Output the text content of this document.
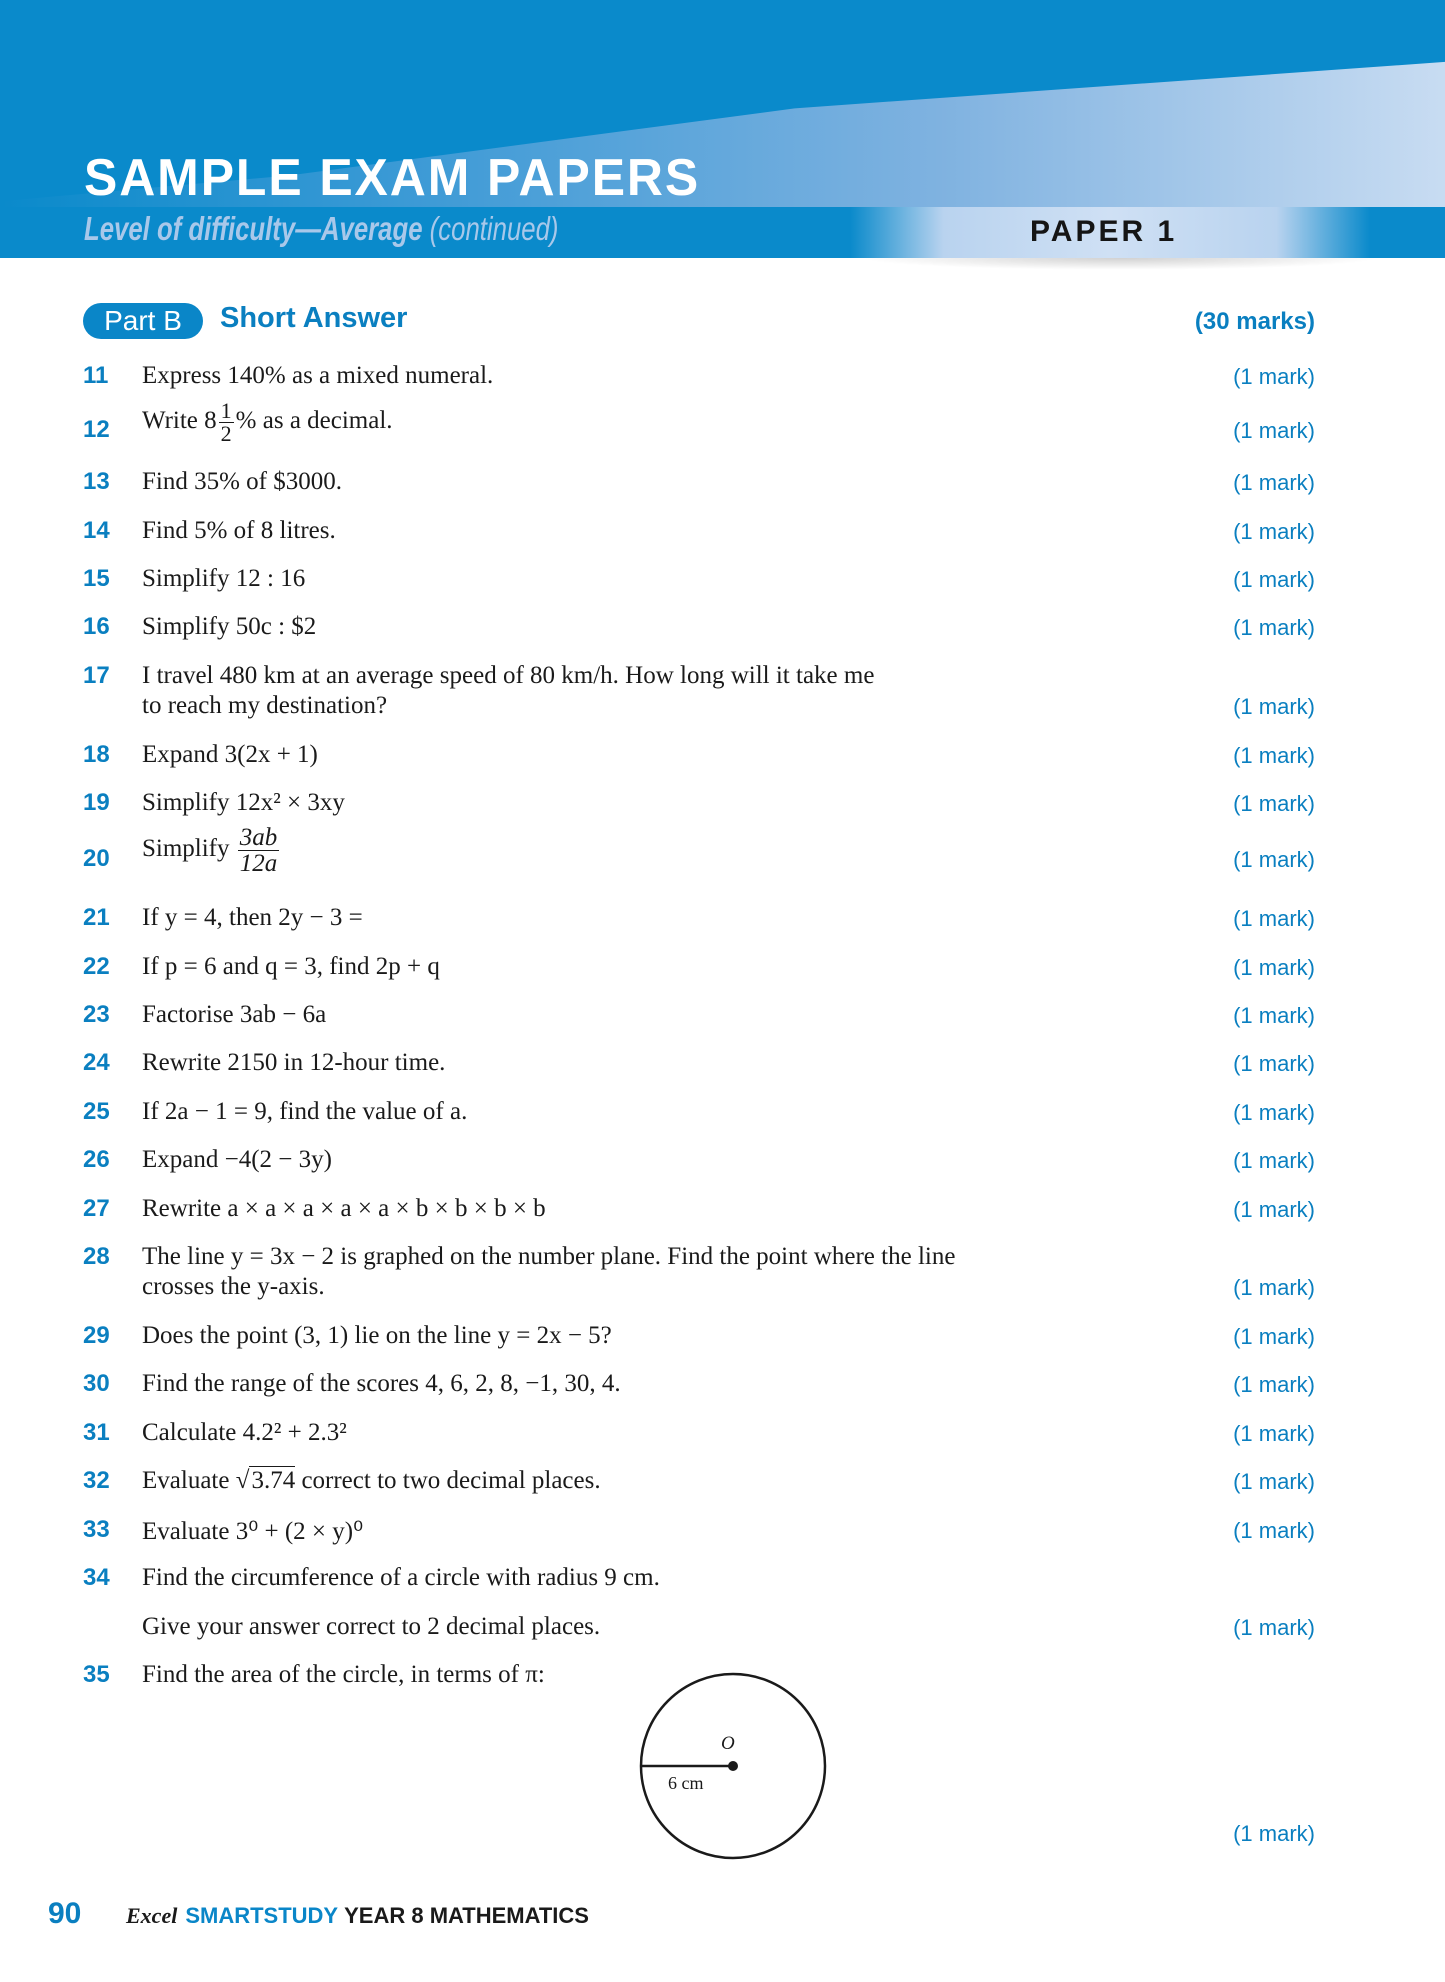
SAMPLE EXAM PAPERS
Level of difficulty—Average (continued)	PAPER 1
Part B	Short Answer	(30 marks)
11	Express 140% as a mixed numeral.	(1 mark)
12	Write $8 \frac{1}{2}$ % as a decimal.	(1 mark)
13	Find 35% of $3000.	(1 mark)
14	Find 5% of 8 litres.	(1 mark)
15	Simplify 12 : 16	(1 mark)
16	Simplify 50c : $2	(1 mark)
17	I travel 480 km at an average speed of 80 km/h. How long will it take me
to reach my destination?	(1 mark)
18	Expand 3(2x + 1)	(1 mark)
19	Simplify 12x² × 3xy	(1 mark)
20	Simplify $\frac{3ab}{12a}$	(1 mark)
21	If y = 4, then 2y − 3 =	(1 mark)
22	If p = 6 and q = 3, find 2p + q	(1 mark)
23	Factorise 3ab − 6a	(1 mark)
24	Rewrite 2150 in 12-hour time.	(1 mark)
25	If 2a − 1 = 9, find the value of a.	(1 mark)
26	Expand −4(2 − 3y)	(1 mark)
27	Rewrite a × a × a × a × a × b × b × b × b	(1 mark)
28	The line y = 3x − 2 is graphed on the number plane. Find the point where the line
crosses the y-axis.	(1 mark)
29	Does the point (3, 1) lie on the line y = 2x − 5?	(1 mark)
30	Find the range of the scores 4, 6, 2, 8, −1, 30, 4.	(1 mark)
31	Calculate 4.2² + 2.3²	(1 mark)
32	Evaluate √3.74 correct to two decimal places.	(1 mark)
33	Evaluate 3⁰ + (2 × y)⁰	(1 mark)
34	Find the circumference of a circle with radius 9 cm.
Give your answer correct to 2 decimal places.	(1 mark)
35	Find the area of the circle, in terms of π:
(1 mark)
O
6 cm
90 Excel SMARTSTUDY YEAR 8 MATHEMATICS
